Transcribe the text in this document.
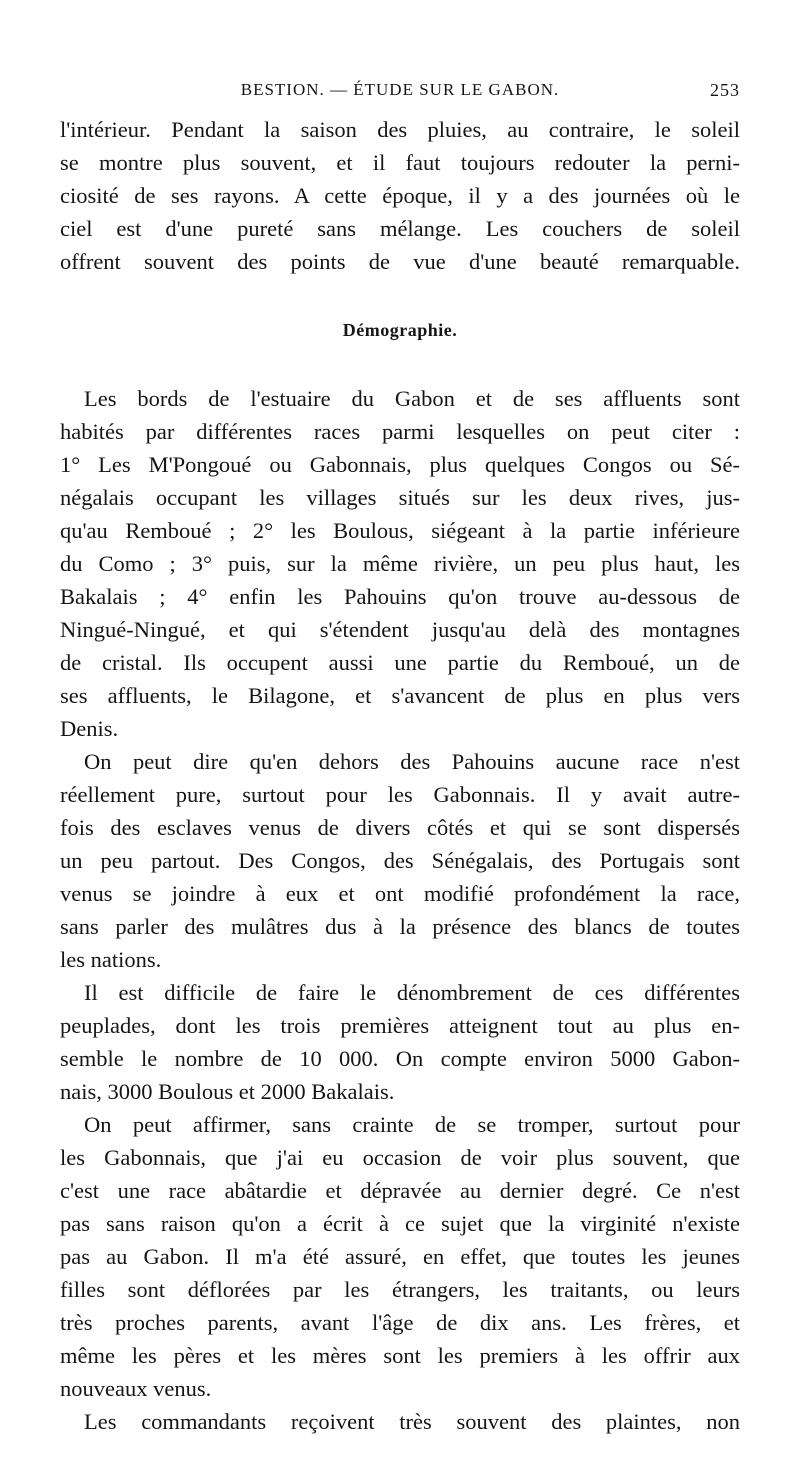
BESTION. — ÉTUDE SUR LE GABON.	253
l'intérieur. Pendant la saison des pluies, au contraire, le soleil
se montre plus souvent, et il faut toujours redouter la perni-
ciosité de ses rayons. A cette époque, il y a des journées où le
ciel est d'une pureté sans mélange. Les couchers de soleil
offrent souvent des points de vue d'une beauté remarquable.
Démographie.
Les bords de l'estuaire du Gabon et de ses affluents sont
habités par différentes races parmi lesquelles on peut citer :
1° Les M'Pongoué ou Gabonnais, plus quelques Congos ou Sé-
négalais occupant les villages situés sur les deux rives, jus-
qu'au Remboué ; 2° les Boulous, siégeant à la partie inférieure
du Como ; 3° puis, sur la même rivière, un peu plus haut, les
Bakalais ; 4° enfin les Pahouins qu'on trouve au-dessous de
Ningué-Ningué, et qui s'étendent jusqu'au delà des montagnes
de cristal. Ils occupent aussi une partie du Remboué, un de
ses affluents, le Bilagone, et s'avancent de plus en plus vers
Denis.
On peut dire qu'en dehors des Pahouins aucune race n'est
réellement pure, surtout pour les Gabonnais. Il y avait autre-
fois des esclaves venus de divers côtés et qui se sont dispersés
un peu partout. Des Congos, des Sénégalais, des Portugais sont
venus se joindre à eux et ont modifié profondément la race,
sans parler des mulâtres dus à la présence des blancs de toutes
les nations.
Il est difficile de faire le dénombrement de ces différentes
peuplades, dont les trois premières atteignent tout au plus en-
semble le nombre de 10 000. On compte environ 5000 Gabon-
nais, 3000 Boulous et 2000 Bakalais.
On peut affirmer, sans crainte de se tromper, surtout pour
les Gabonnais, que j'ai eu occasion de voir plus souvent, que
c'est une race abâtardie et dépravée au dernier degré. Ce n'est
pas sans raison qu'on a écrit à ce sujet que la virginité n'existe
pas au Gabon. Il m'a été assuré, en effet, que toutes les jeunes
filles sont déflorées par les étrangers, les traitants, ou leurs
très proches parents, avant l'âge de dix ans. Les frères, et
même les pères et les mères sont les premiers à les offrir aux
nouveaux venus.
Les commandants reçoivent très souvent des plaintes, non
